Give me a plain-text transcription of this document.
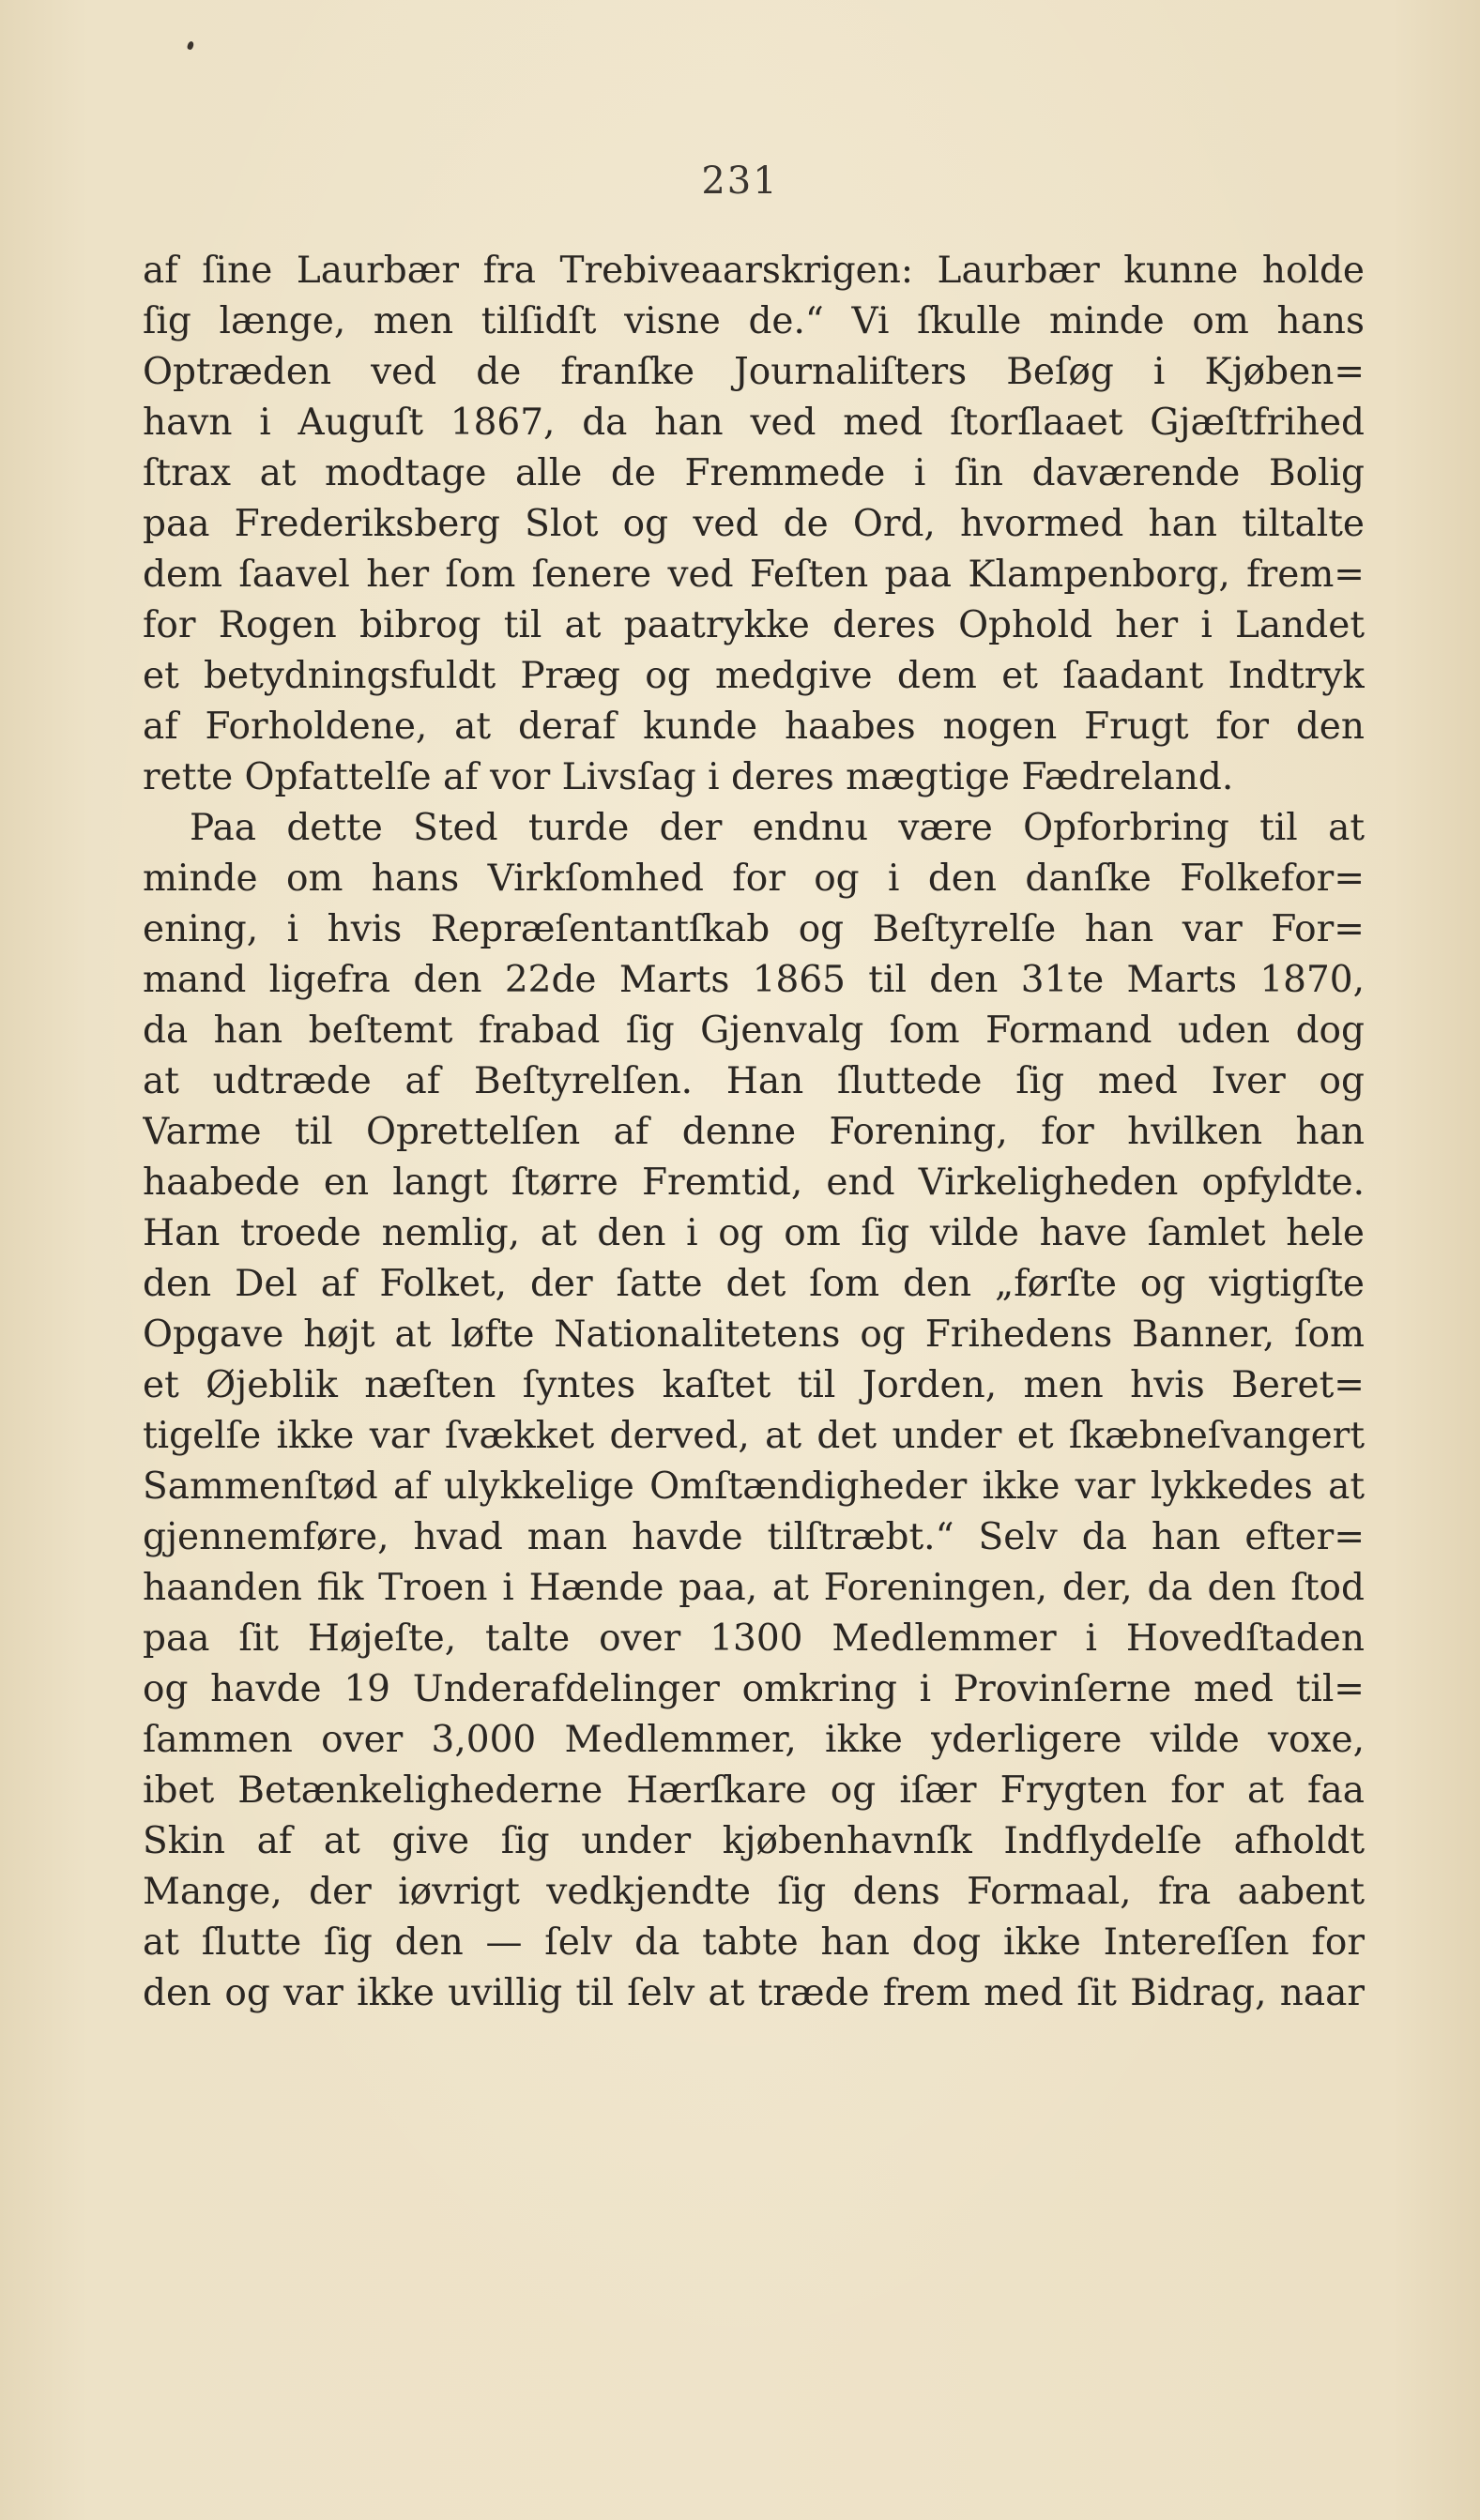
231
af ſine Laurbær fra Trebiveaarskrigen: Laurbær kunne holde
ſig længe, men tilſidſt visne de.“ Vi ſkulle minde om hans
Optræden ved de franſke Journaliſters Beſøg i Kjøben=
havn i Auguſt 1867, da han ved med ſtorſlaaet Gjæſtfrihed
ſtrax at modtage alle de Fremmede i ſin daværende Bolig
paa Frederiksberg Slot og ved de Ord, hvormed han tiltalte
dem ſaavel her ſom ſenere ved Feſten paa Klampenborg, frem=
for Rogen bibrog til at paatrykke deres Ophold her i Landet
et betydningsfuldt Præg og medgive dem et ſaadant Indtryk
af Forholdene, at deraf kunde haabes nogen Frugt for den
rette Opfattelſe af vor Livsſag i deres mægtige Fædreland.
Paa dette Sted turde der endnu være Opforbring til at
minde om hans Virkſomhed for og i den danſke Folkefor=
ening, i hvis Repræſentantſkab og Beſtyrelſe han var For=
mand ligefra den 22de Marts 1865 til den 31te Marts 1870,
da han beſtemt frabad ſig Gjenvalg ſom Formand uden dog
at udtræde af Beſtyrelſen. Han ſluttede ſig med Iver og
Varme til Oprettelſen af denne Forening, for hvilken han
haabede en langt ſtørre Fremtid, end Virkeligheden opfyldte.
Han troede nemlig, at den i og om ſig vilde have ſamlet hele
den Del af Folket, der ſatte det ſom den „førſte og vigtigſte
Opgave højt at løfte Nationalitetens og Frihedens Banner, ſom
et Øjeblik næſten ſyntes kaſtet til Jorden, men hvis Beret=
tigelſe ikke var ſvækket derved, at det under et ſkæbneſvangert
Sammenſtød af ulykkelige Omſtændigheder ikke var lykkedes at
gjennemføre, hvad man havde tilſtræbt.“ Selv da han efter=
haanden fik Troen i Hænde paa, at Foreningen, der, da den ſtod
paa ſit Højeſte, talte over 1300 Medlemmer i Hovedſtaden
og havde 19 Underafdelinger omkring i Provinſerne med til=
ſammen over 3,000 Medlemmer, ikke yderligere vilde voxe,
ibet Betænkelighederne Hærſkare og iſær Frygten for at faa
Skin af at give ſig under kjøbenhavnſk Indflydelſe afholdt
Mange, der iøvrigt vedkjendte ſig dens Formaal, fra aabent
at ſlutte ſig den — ſelv da tabte han dog ikke Intereſſen for
den og var ikke uvillig til ſelv at træde frem med ſit Bidrag, naar
